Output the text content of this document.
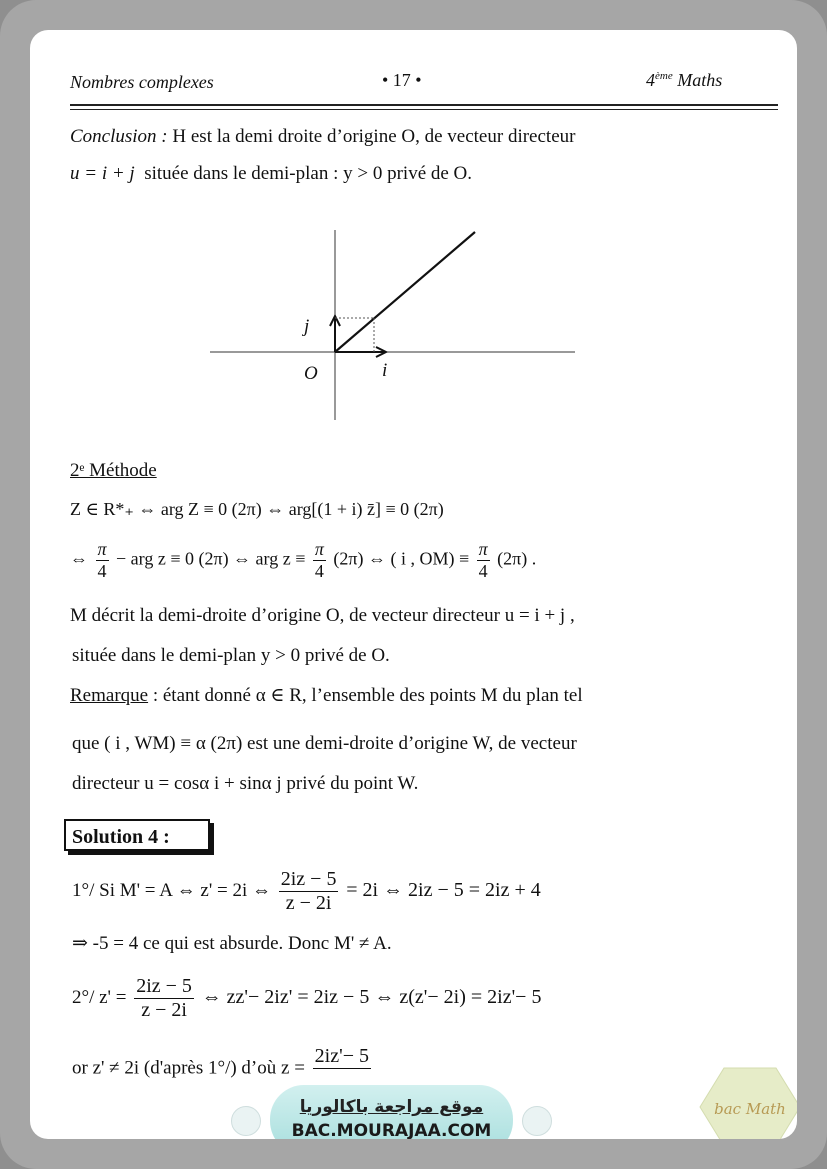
Nombres complexes	• 17 •	4ème Maths
Conclusion : H est la demi droite d’origine O, de vecteur directeur
u = i + j située dans le demi-plan : y > 0 privé de O.
j
O	i
2ᵉ Méthode
Z ∈ R*₊ ⇔ arg Z ≡ 0 (2π) ⇔ arg[(1 + i) z̄] ≡ 0 (2π)
⇔ $\frac{\pi}{4}$ − arg z ≡ 0 (2π) ⇔ arg $z \equiv \frac{\pi}{4} (2\pi)$ ⇔ ( i , $OM) \equiv \frac{\pi}{4} (2\pi)$ .
M décrit la demi-droite d’origine O, de vecteur directeur u = i + j ,
située dans le demi-plan y > 0 privé de O.
Remarque : étant donné α ∈ R, l’ensemble des points M du plan tel
que ( i , WM) ≡ α (2π) est une demi-droite d’origine W, de vecteur
directeur u = cosα i + sinα j privé du point W.
Solution 4 :
1°/ Si M' = A ⇔ z' = 2i ⇔ $\frac{2iz - 5}{z - 2i} = 2i$ ⇔ 2iz − 5 = 2iz + 4
⇒ -5 = 4 ce qui est absurde. Donc M' ≠ A.
2°/ $z' = \frac{2iz - 5}{z - 2i}$ ⇔ zz'− 2iz' = 2iz − 5 ⇔ z(z'− 2i) = 2iz'− 5
or z' ≠ 2i (d'après 1°/) d’où z =
2iz'− 5

موقع مراجعة باكالوريا
BAC.MOURAJAA.COM
bac Math
